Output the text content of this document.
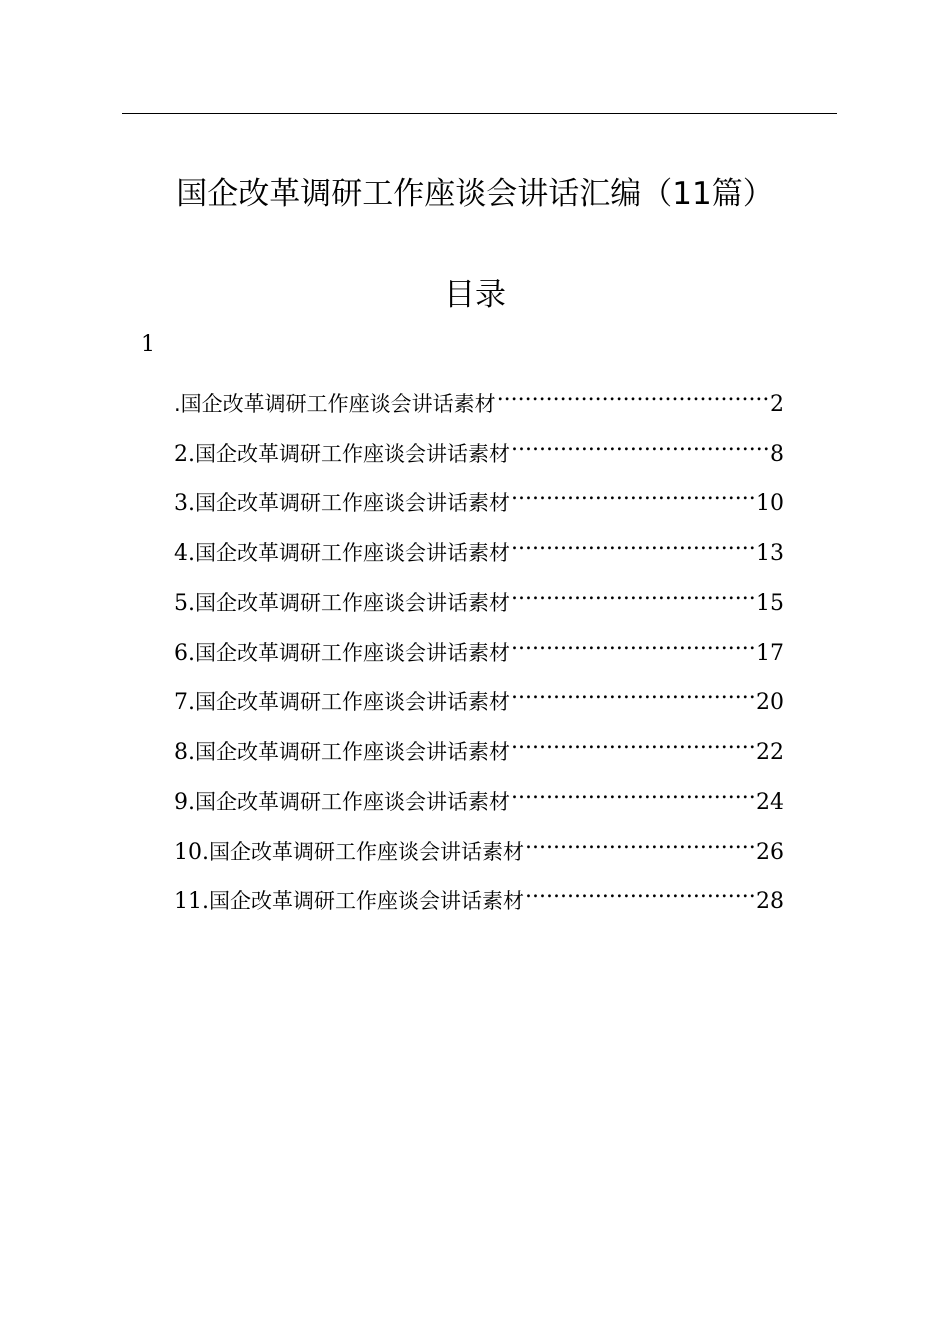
国企改革调研工作座谈会讲话汇编（11篇）
目录
1
.国企改革调研工作座谈会讲话素材 .....	2
2. 国企改革调研工作座谈会讲话素材 .....	8
3. 国企改革调研工作座谈会讲话素材 .....	10
4. 国企改革调研工作座谈会讲话素材 .....	13
5. 国企改革调研工作座谈会讲话素材 .....	15
6. 国企改革调研工作座谈会讲话素材 .....	17
7. 国企改革调研工作座谈会讲话素材 .....	20
8. 国企改革调研工作座谈会讲话素材 .....	22
9. 国企改革调研工作座谈会讲话素材 .....	24
10. 国企改革调研工作座谈会讲话素材 .....	26
11. 国企改革调研工作座谈会讲话素材 .....	28
